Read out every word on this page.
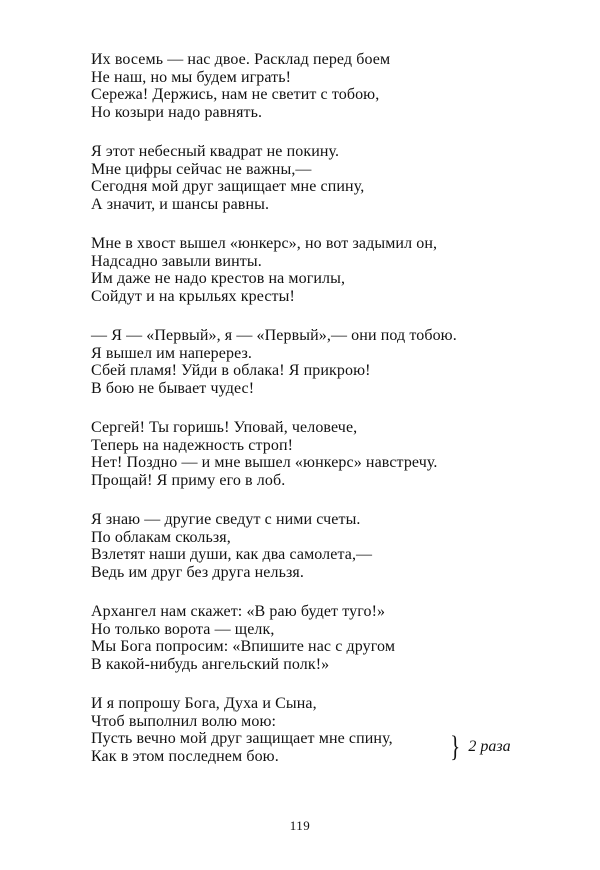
Их восемь — нас двое. Расклад перед боем
Не наш, но мы будем играть!
Сережа! Держись, нам не светит с тобою,
Но козыри надо равнять.
Я этот небесный квадрат не покину.
Мне цифры сейчас не важны,—
Сегодня мой друг защищает мне спину,
А значит, и шансы равны.
Мне в хвост вышел «юнкерс», но вот задымил он,
Надсадно завыли винты.
Им даже не надо крестов на могилы,
Сойдут и на крыльях кресты!
— Я — «Первый», я — «Первый»,— они под тобою.
Я вышел им наперерез.
Сбей пламя! Уйди в облака! Я прикрою!
В бою не бывает чудес!
Сергей! Ты горишь! Уповай, человече,
Теперь на надежность строп!
Нет! Поздно — и мне вышел «юнкерс» навстречу.
Прощай! Я приму его в лоб.
Я знаю — другие сведут с ними счеты.
По облакам скользя,
Взлетят наши души, как два самолета,—
Ведь им друг без друга нельзя.
Архангел нам скажет: «В раю будет туго!»
Но только ворота — щелк,
Мы Бога попросим: «Впишите нас с другом
В какой-нибудь ангельский полк!»
И я попрошу Бога, Духа и Сына,
Чтоб выполнил волю мою:
Пусть вечно мой друг защищает мне спину,
Как в этом последнем бою.	} 2 раза
119
